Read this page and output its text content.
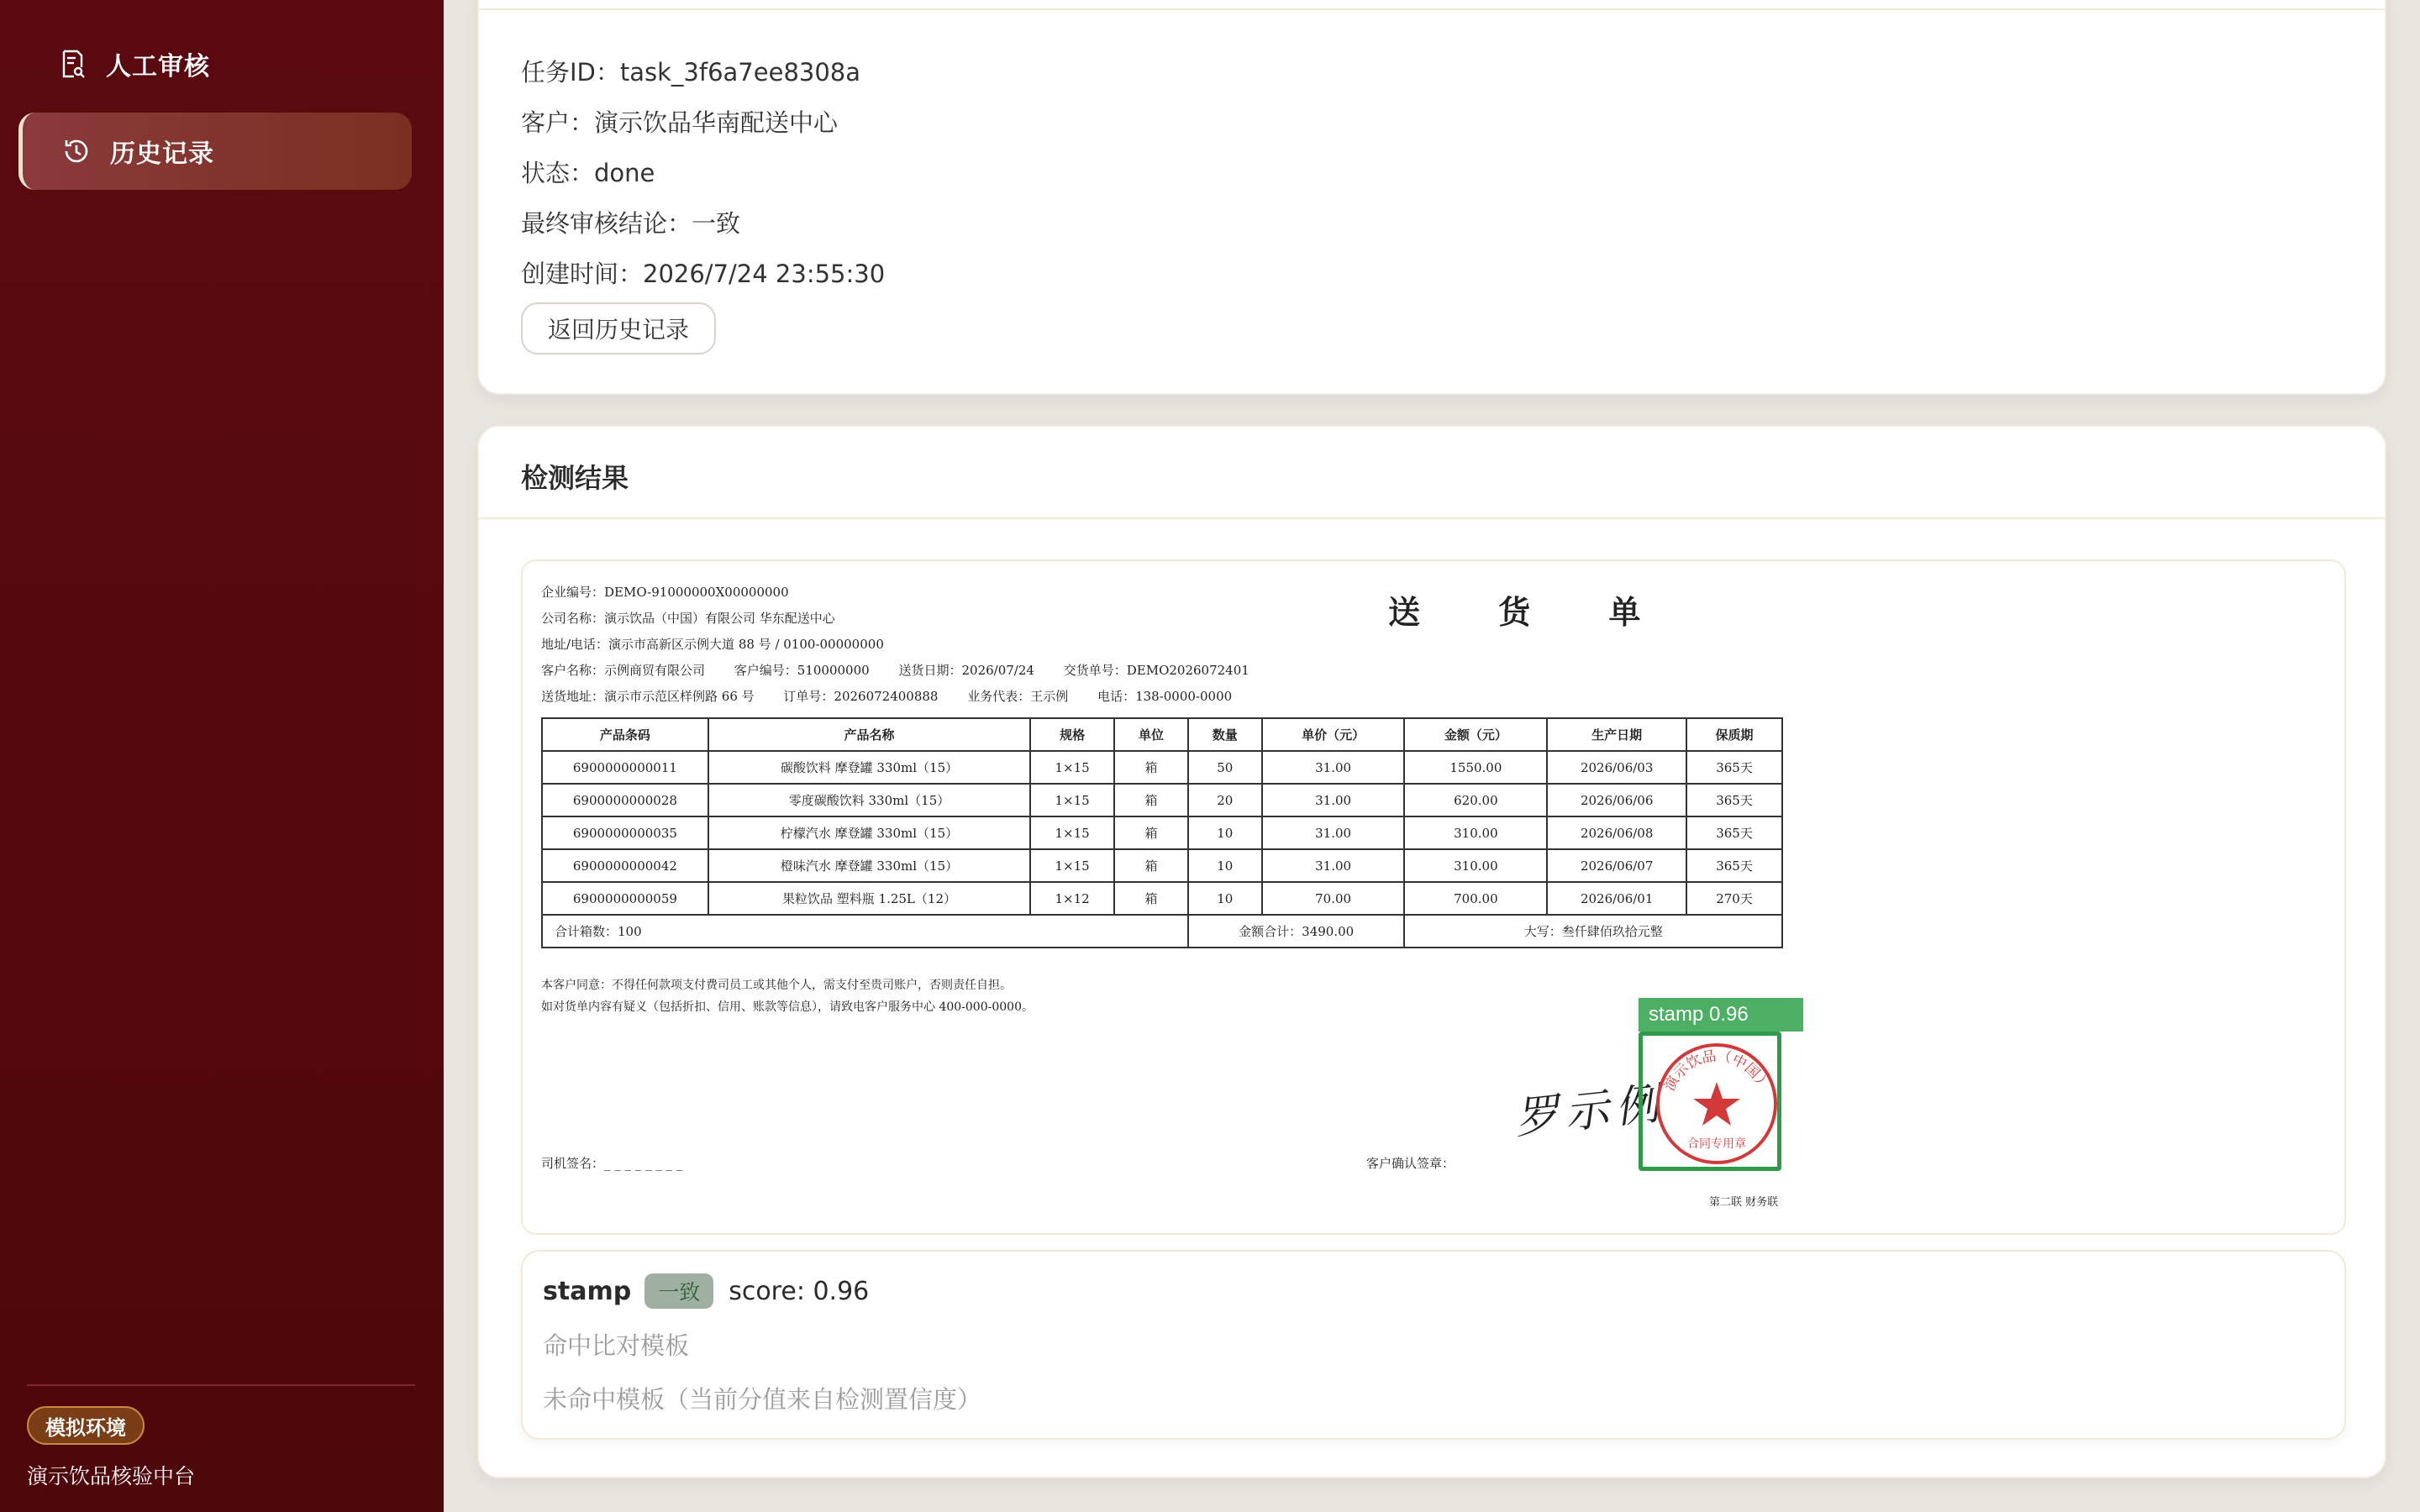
人工审核
历史记录
模拟环境
演示饮品核验中台
任务ID：task_3f6a7ee8308a
客户：演示饮品华南配送中心
状态：done
最终审核结论：一致
创建时间：2026/7/24 23:55:30
返回历史记录
检测结果
企业编号：DEMO-91000000X00000000
公司名称：演示饮品（中国）有限公司 华东配送中心
地址/电话：演示市高新区示例大道 88 号 / 0100-00000000
客户名称：示例商贸有限公司 客户编号：510000000 送货日期：2026/07/24 交货单号：DEMO2026072401
送货地址：演示市示范区样例路 66 号 订单号：2026072400888 业务代表：王示例 电话：138-0000-0000
送 货 单
产品条码	产品名称	规格	单位	数量	单价（元）	金额（元）	生产日期	保质期
6900000000011	碳酸饮料 摩登罐 330ml（15）	1×15	箱	50	31.00	1550.00	2026/06/03	365天
6900000000028	零度碳酸饮料 330ml（15）	1×15	箱	20	31.00	620.00	2026/06/06	365天
6900000000035	柠檬汽水 摩登罐 330ml（15）	1×15	箱	10	31.00	310.00	2026/06/08	365天
6900000000042	橙味汽水 摩登罐 330ml（15）	1×15	箱	10	31.00	310.00	2026/06/07	365天
6900000000059	果粒饮品 塑料瓶 1.25L（12）	1×12	箱	10	70.00	700.00	2026/06/01	270天
合计箱数：100				金额合计：3490.00		大写：叁仟肆佰玖拾元整		
本客户同意：不得任何款项支付费司员工或其他个人，需支付至贵司账户，否则责任自担。
如对货单内容有疑义（包括折扣、信用、账款等信息），请致电客户服务中心 400-000-0000。
司机签名：_ _ _ _ _ _ _ _	客户确认签章：
罗示例
演示饮品（中国）
合同专用章
stamp 0.96
第二联 财务联
stamp	一致	score: 0.96
命中比对模板
未命中模板（当前分值来自检测置信度）
